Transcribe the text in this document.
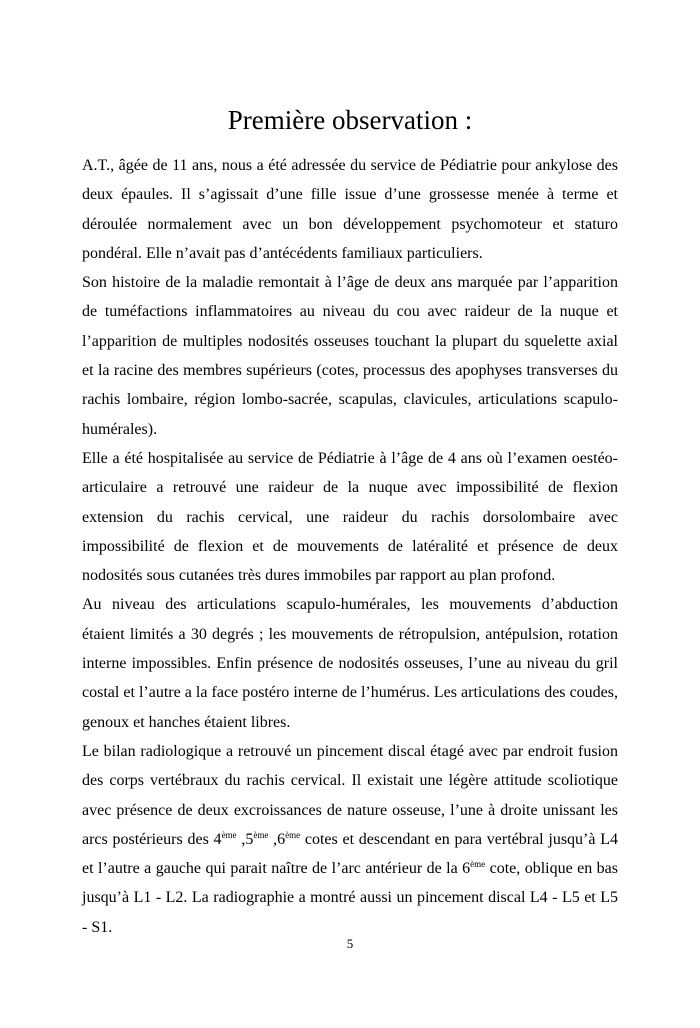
Première observation :

A.T., âgée de 11 ans, nous a été adressée du service de Pédiatrie pour ankylose des deux épaules. Il s’agissait d’une fille issue d’une grossesse menée à terme et déroulée normalement avec un bon développement psychomoteur et staturo pondéral. Elle n’avait pas d’antécédents familiaux particuliers.

Son histoire de la maladie remontait à l’âge de deux ans marquée par l’apparition de tuméfactions inflammatoires au niveau du cou avec raideur de la nuque et l’apparition de multiples nodosités osseuses touchant la plupart du squelette axial et la racine des membres supérieurs (cotes, processus des apophyses transverses du rachis lombaire, région lombo-sacrée, scapulas, clavicules, articulations scapulo-humérales).

Elle a été hospitalisée au service de Pédiatrie à l’âge de 4 ans où l’examen oestéo-articulaire a retrouvé une raideur de la nuque avec impossibilité de flexion extension du rachis cervical, une raideur du rachis dorsolombaire avec impossibilité de flexion et de mouvements de latéralité et présence de deux nodosités sous cutanées très dures immobiles par rapport au plan profond.

Au niveau des articulations scapulo-humérales, les mouvements d’abduction étaient limités a 30 degrés ; les mouvements de rétropulsion, antépulsion, rotation interne impossibles. Enfin présence de nodosités osseuses, l’une au niveau du gril costal et l’autre a la face postéro interne de l’humérus. Les articulations des coudes, genoux et hanches étaient libres.

Le bilan radiologique a retrouvé un pincement discal étagé avec par endroit fusion des corps vertébraux du rachis cervical. Il existait une légère attitude scoliotique avec présence de deux excroissances de nature osseuse, l’une à droite unissant les arcs postérieurs des 4ème ,5ème ,6ème cotes et descendant en para vertébral jusqu’à L4 et l’autre a gauche qui parait naître de l’arc antérieur de la 6ème cote, oblique en bas jusqu’à L1 - L2. La radiographie a montré aussi un pincement discal L4 - L5 et L5 - S1.

5
